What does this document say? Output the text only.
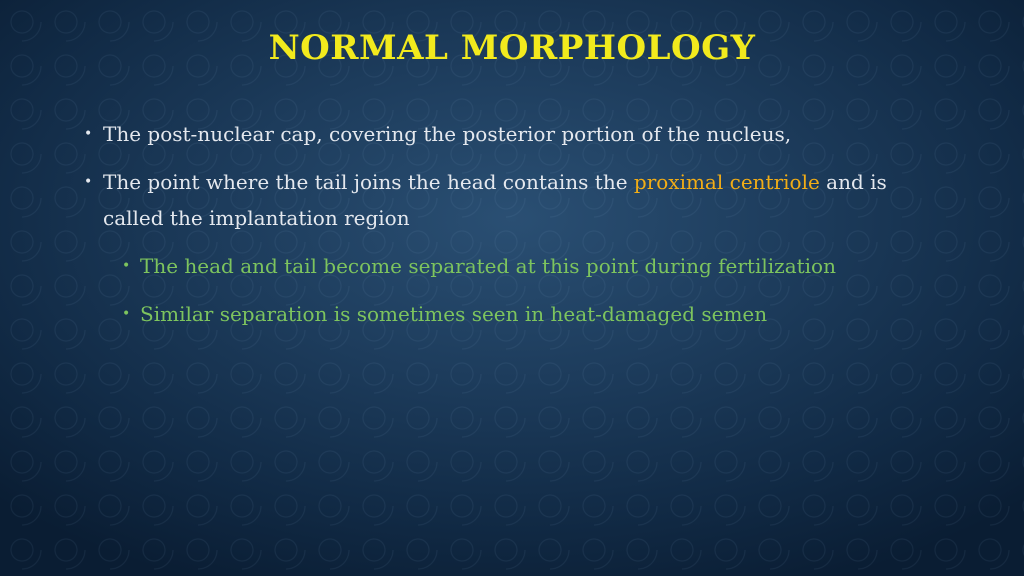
NORMAL MORPHOLOGY
• The post-nuclear cap, covering the posterior portion of the nucleus,
• The point where the tail joins the head contains the proximal centriole and is called the implantation region
• The head and tail become separated at this point during fertilization
• Similar separation is sometimes seen in heat-damaged semen
